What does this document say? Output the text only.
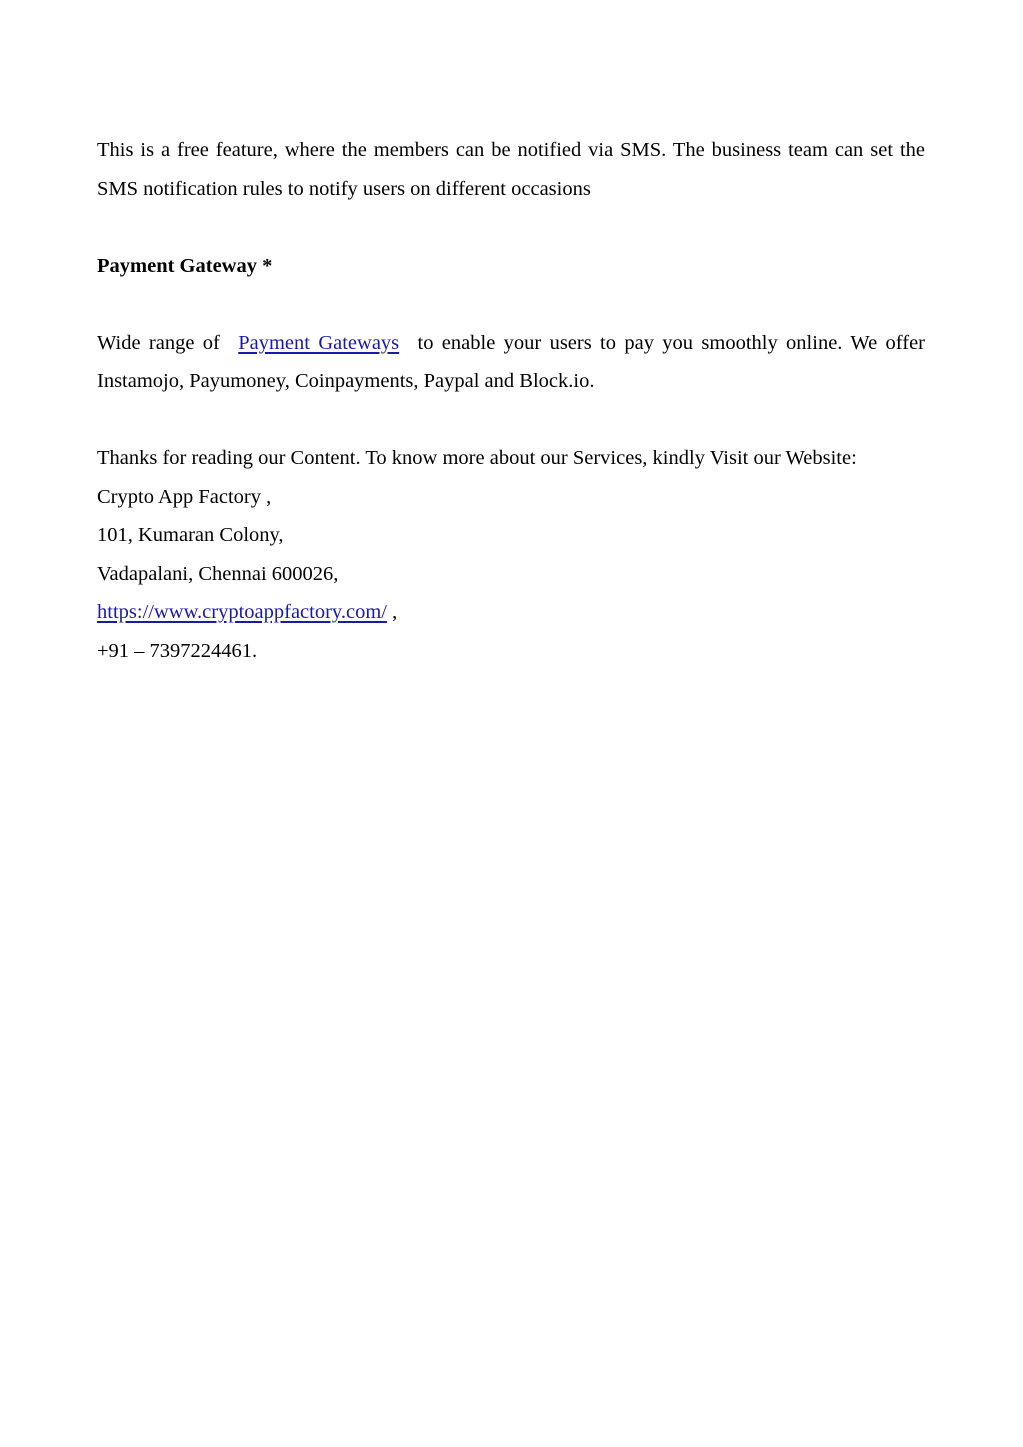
This is a free feature, where the members can be notified via SMS. The business team can set the SMS notification rules to notify users on different occasions

Payment Gateway *

Wide range of Payment Gateways to enable your users to pay you smoothly online. We offer Instamojo, Payumoney, Coinpayments, Paypal and Block.io.

Thanks for reading our Content. To know more about our Services, kindly Visit our Website:

Crypto App Factory ,

101, Kumaran Colony,

Vadapalani, Chennai 600026,

https://www.cryptoappfactory.com/ ,

+91 – 7397224461.
